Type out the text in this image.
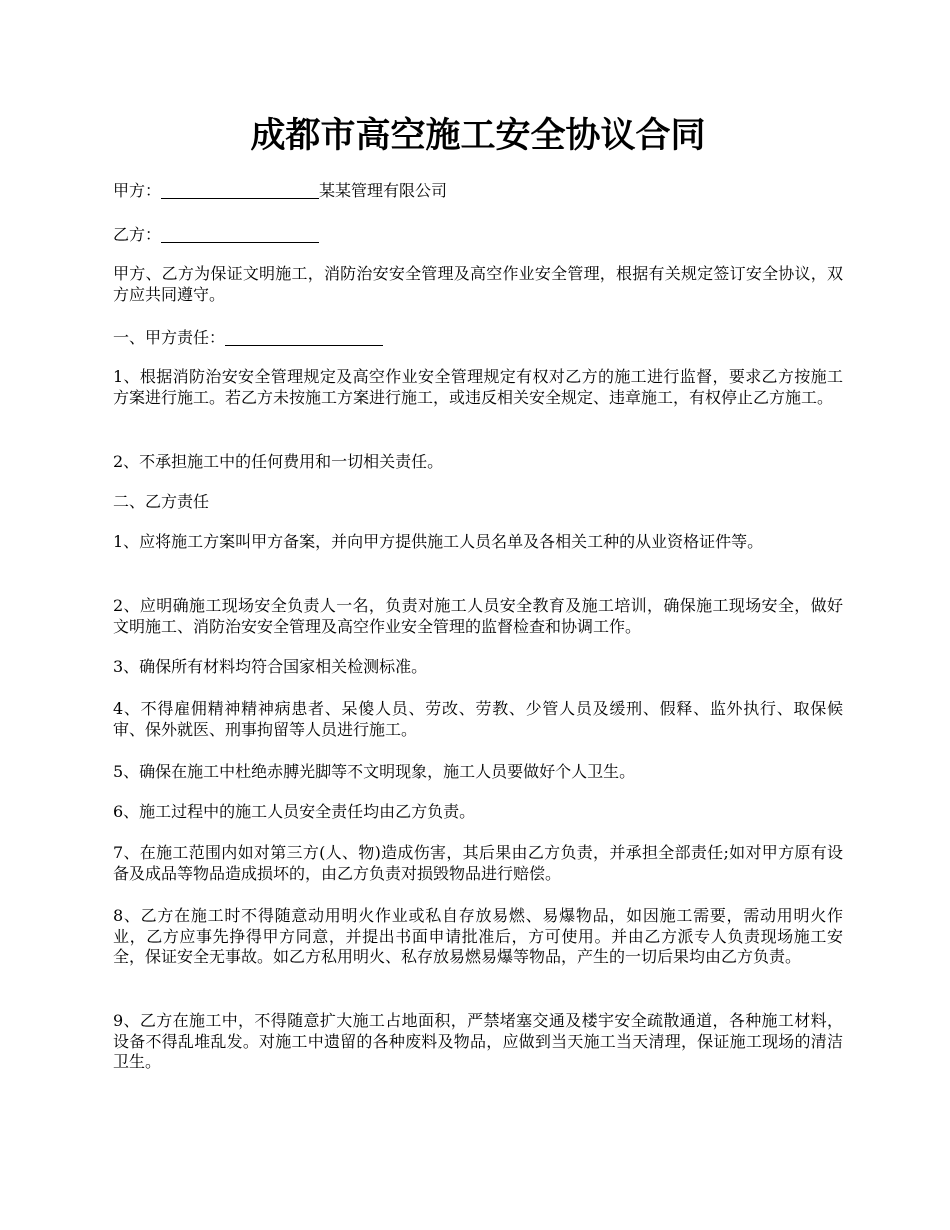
成都市高空施工安全协议合同

甲方：	某某管理有限公司

乙方：

甲方、乙方为保证文明施工，消防治安安全管理及高空作业安全管理，根据有关规定签订安全协议，双方应共同遵守。

一、甲方责任：

1、根据消防治安安全管理规定及高空作业安全管理规定有权对乙方的施工进行监督，要求乙方按施工方案进行施工。若乙方未按施工方案进行施工，或违反相关安全规定、违章施工，有权停止乙方施工。

2、不承担施工中的任何费用和一切相关责任。

二、乙方责任

1、应将施工方案叫甲方备案，并向甲方提供施工人员名单及各相关工种的从业资格证件等。

2、应明确施工现场安全负责人一名，负责对施工人员安全教育及施工培训，确保施工现场安全，做好文明施工、消防治安安全管理及高空作业安全管理的监督检查和协调工作。

3、确保所有材料均符合国家相关检测标准。

4、不得雇佣精神精神病患者、呆傻人员、劳改、劳教、少管人员及缓刑、假释、监外执行、取保候审、保外就医、刑事拘留等人员进行施工。

5、确保在施工中杜绝赤膊光脚等不文明现象，施工人员要做好个人卫生。

6、施工过程中的施工人员安全责任均由乙方负责。

7、在施工范围内如对第三方(人、物)造成伤害，其后果由乙方负责，并承担全部责任;如对甲方原有设备及成品等物品造成损坏的，由乙方负责对损毁物品进行赔偿。

8、乙方在施工时不得随意动用明火作业或私自存放易燃、易爆物品，如因施工需要，需动用明火作业，乙方应事先挣得甲方同意，并提出书面申请批准后，方可使用。并由乙方派专人负责现场施工安全，保证安全无事故。如乙方私用明火、私存放易燃易爆等物品，产生的一切后果均由乙方负责。

9、乙方在施工中，不得随意扩大施工占地面积，严禁堵塞交通及楼宇安全疏散通道，各种施工材料，设备不得乱堆乱发。对施工中遗留的各种废料及物品，应做到当天施工当天清理，保证施工现场的清洁卫生。
